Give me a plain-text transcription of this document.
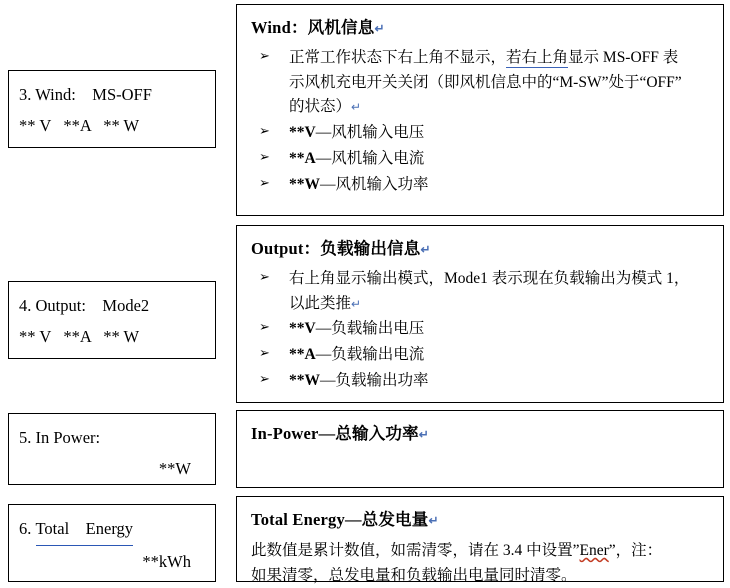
3. Wind:    MS-OFF
** V   **A   ** W
4. Output:    Mode2
** V   **A   ** W
5. In Power:
**W
6. Total Energy
**kWh
Wind：风机信息↵
➢	正常工作状态下右上角不显示，若右上角显示 MS-OFF 表
示风机充电开关关闭（即风机信息中的“M-SW”处于“OFF”
的状态）↵
➢	**V—风机输入电压
➢	**A—风机输入电流
➢	**W—风机输入功率
Output：负载输出信息↵
➢	右上角显示输出模式，Mode1 表示现在负载输出为模式 1，
以此类推↵
➢	**V—负载输出电压
➢	**A—负载输出电流
➢	**W—负载输出功率
In-Power—总输入功率↵
Total Energy—总发电量↵
此数值是累计数值，如需清零，请在 3.4 中设置”Ener”，注：
如果清零，总发电量和负载输出电量同时清零。
